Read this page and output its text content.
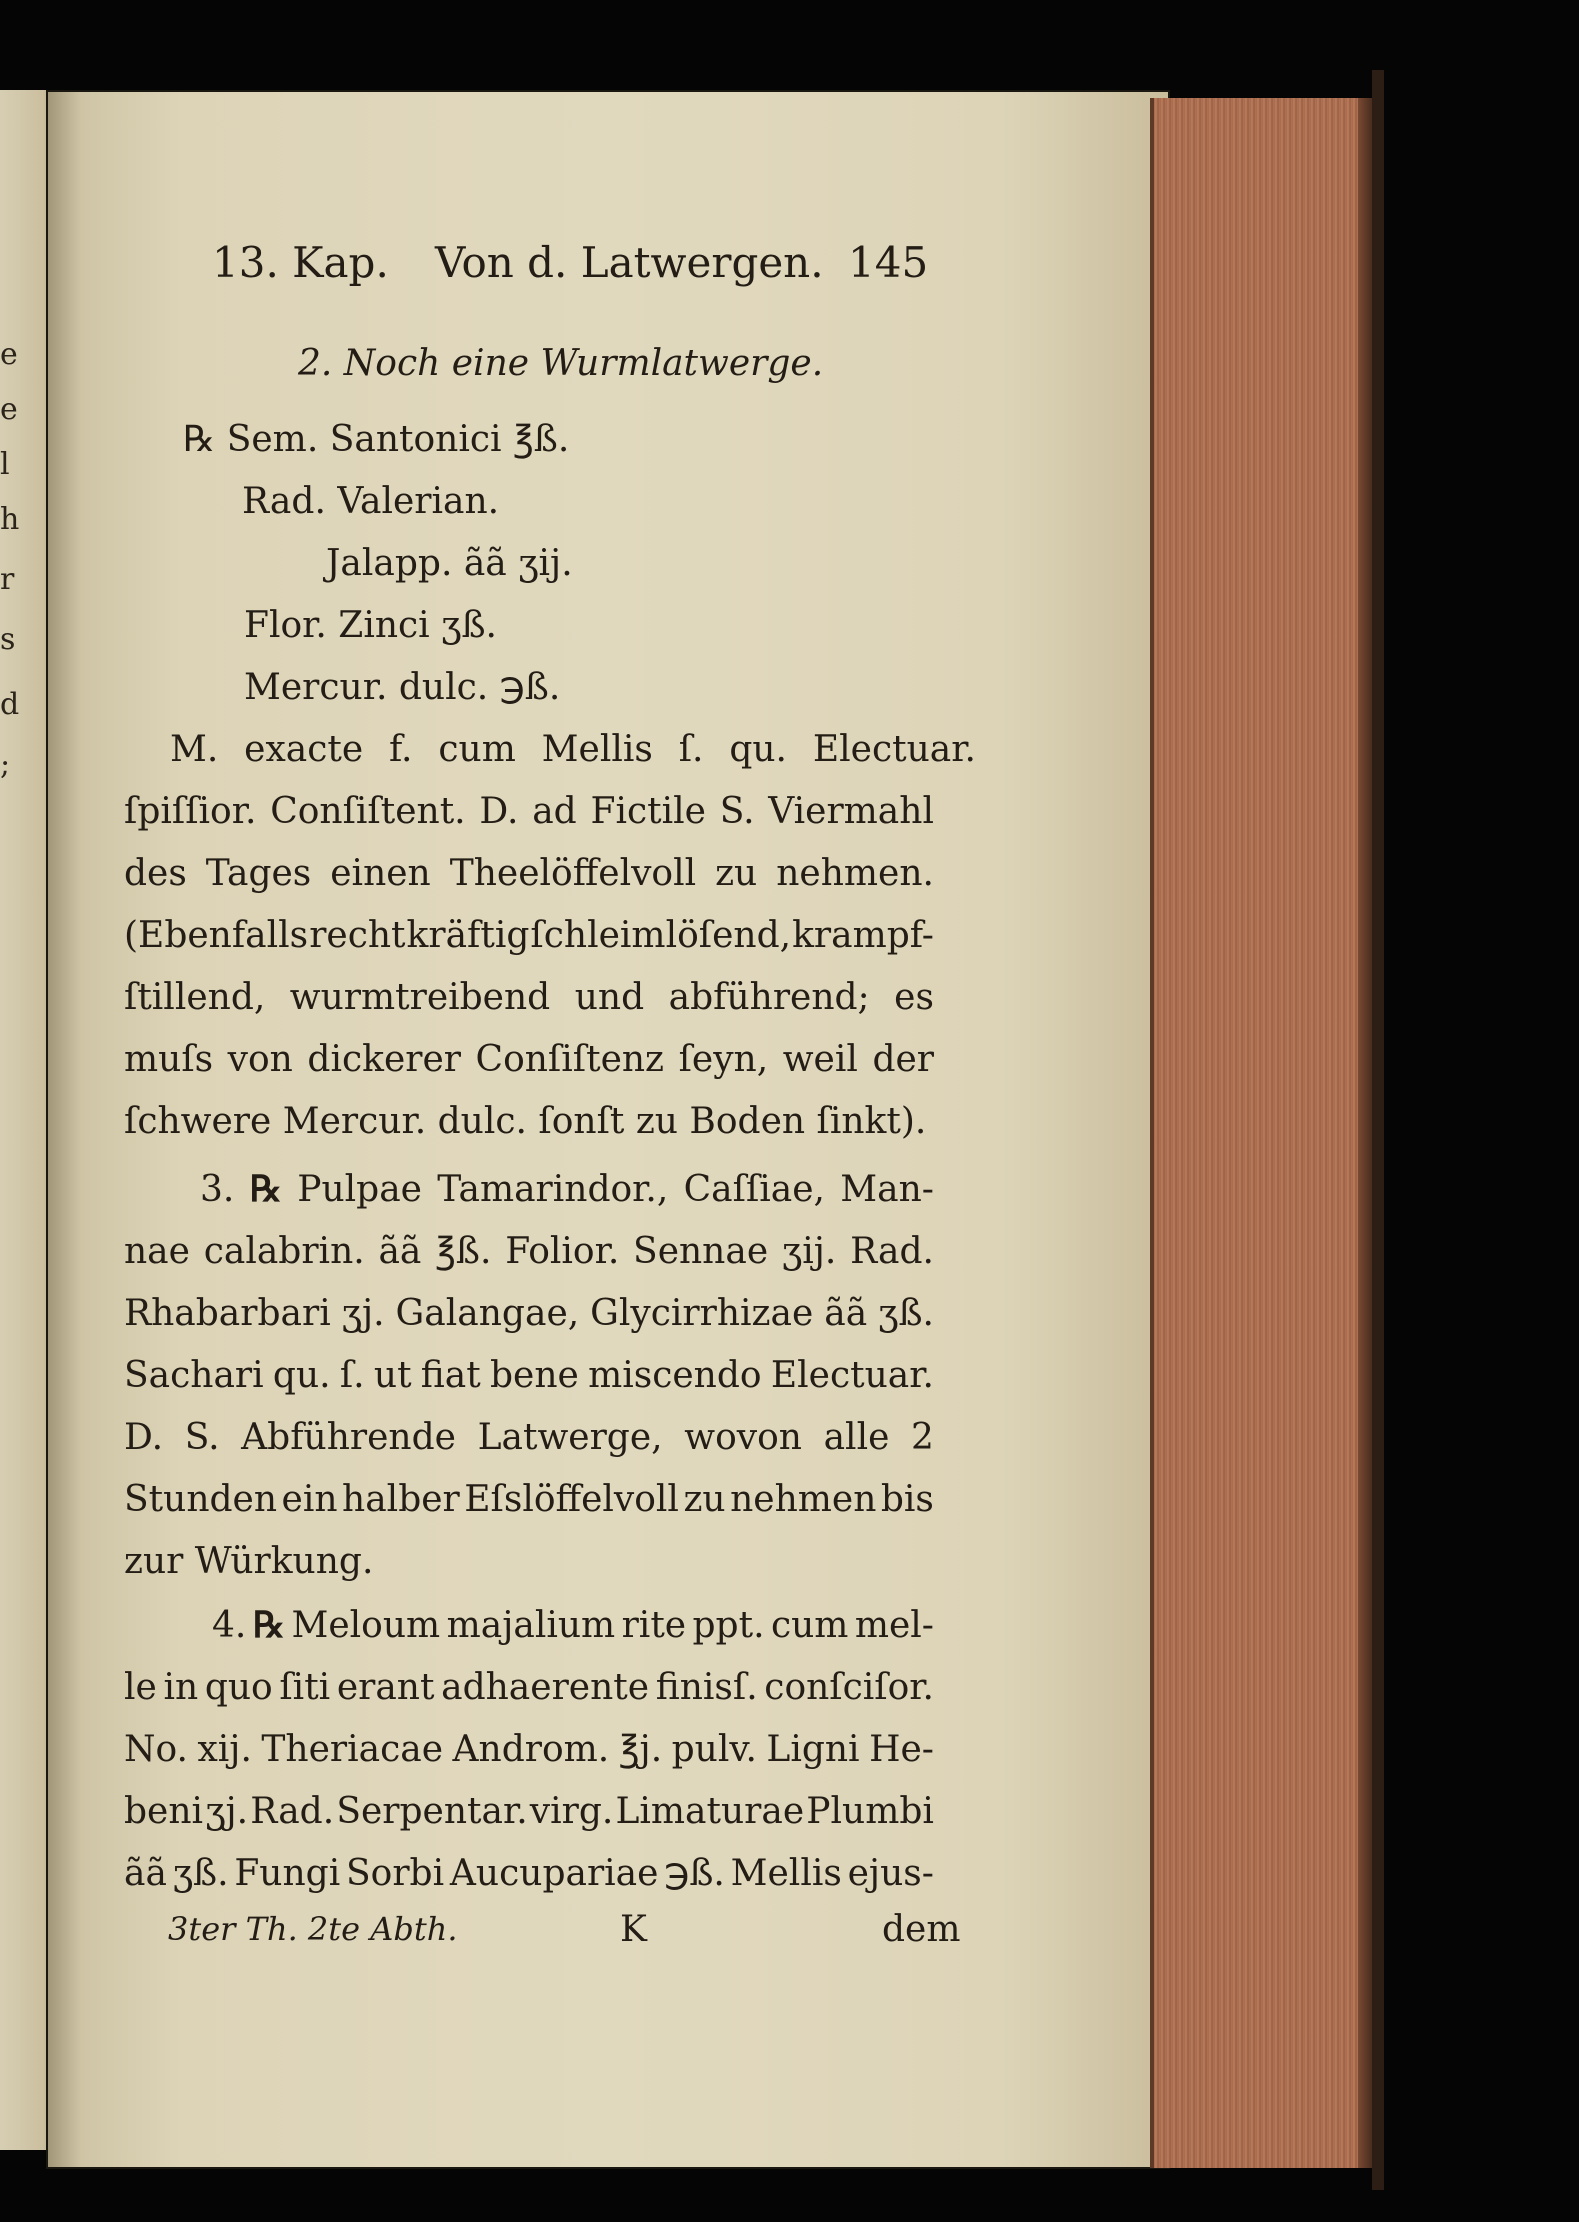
e
e
l
h
r
s
d
;
13. Kap. Von d. Latwergen. 145
2. Noch eine Wurmlatwerge.
℞ Sem. Santonici ℥ß.
Rad. Valerian.
Jalapp. ãã ʒij.
Flor. Zinci ʒß.
Mercur. dulc. ℈ß.
M. exacte f. cum Mellis ſ. qu. Electuar.
ſpiſſior. Conſiſtent. D. ad Fictile S. Viermahl
des Tages einen Theelöffelvoll zu nehmen.
(Ebenfalls recht kräftig ſchleimlöſend, krampf-
ſtillend, wurmtreibend und abführend; es
muſs von dickerer Conſiſtenz ſeyn, weil der
ſchwere Mercur. dulc. ſonſt zu Boden ſinkt).
3. ℞ Pulpae Tamarindor., Caſſiae, Man-
nae calabrin. ãã ℥ß. Folior. Sennae ʒij. Rad.
Rhabarbari ʒj. Galangae, Glycirrhizae ãã ʒß.
Sachari qu. ſ. ut fiat bene miscendo Electuar.
D. S. Abführende Latwerge, wovon alle 2
Stunden ein halber Eſslöffelvoll zu nehmen bis
zur Würkung.
4. ℞ Meloum majalium rite ppt. cum mel-
le in quo ſiti erant adhaerente finisſ. conſciſor.
No. xij. Theriacae Androm. ℥j. pulv. Ligni He-
beni ʒj. Rad. Serpentar. virg. Limaturae Plumbi
ãã ʒß. Fungi Sorbi Aucupariae ℈ß. Mellis ejus-
3ter Th. 2te Abth.	K	dem
